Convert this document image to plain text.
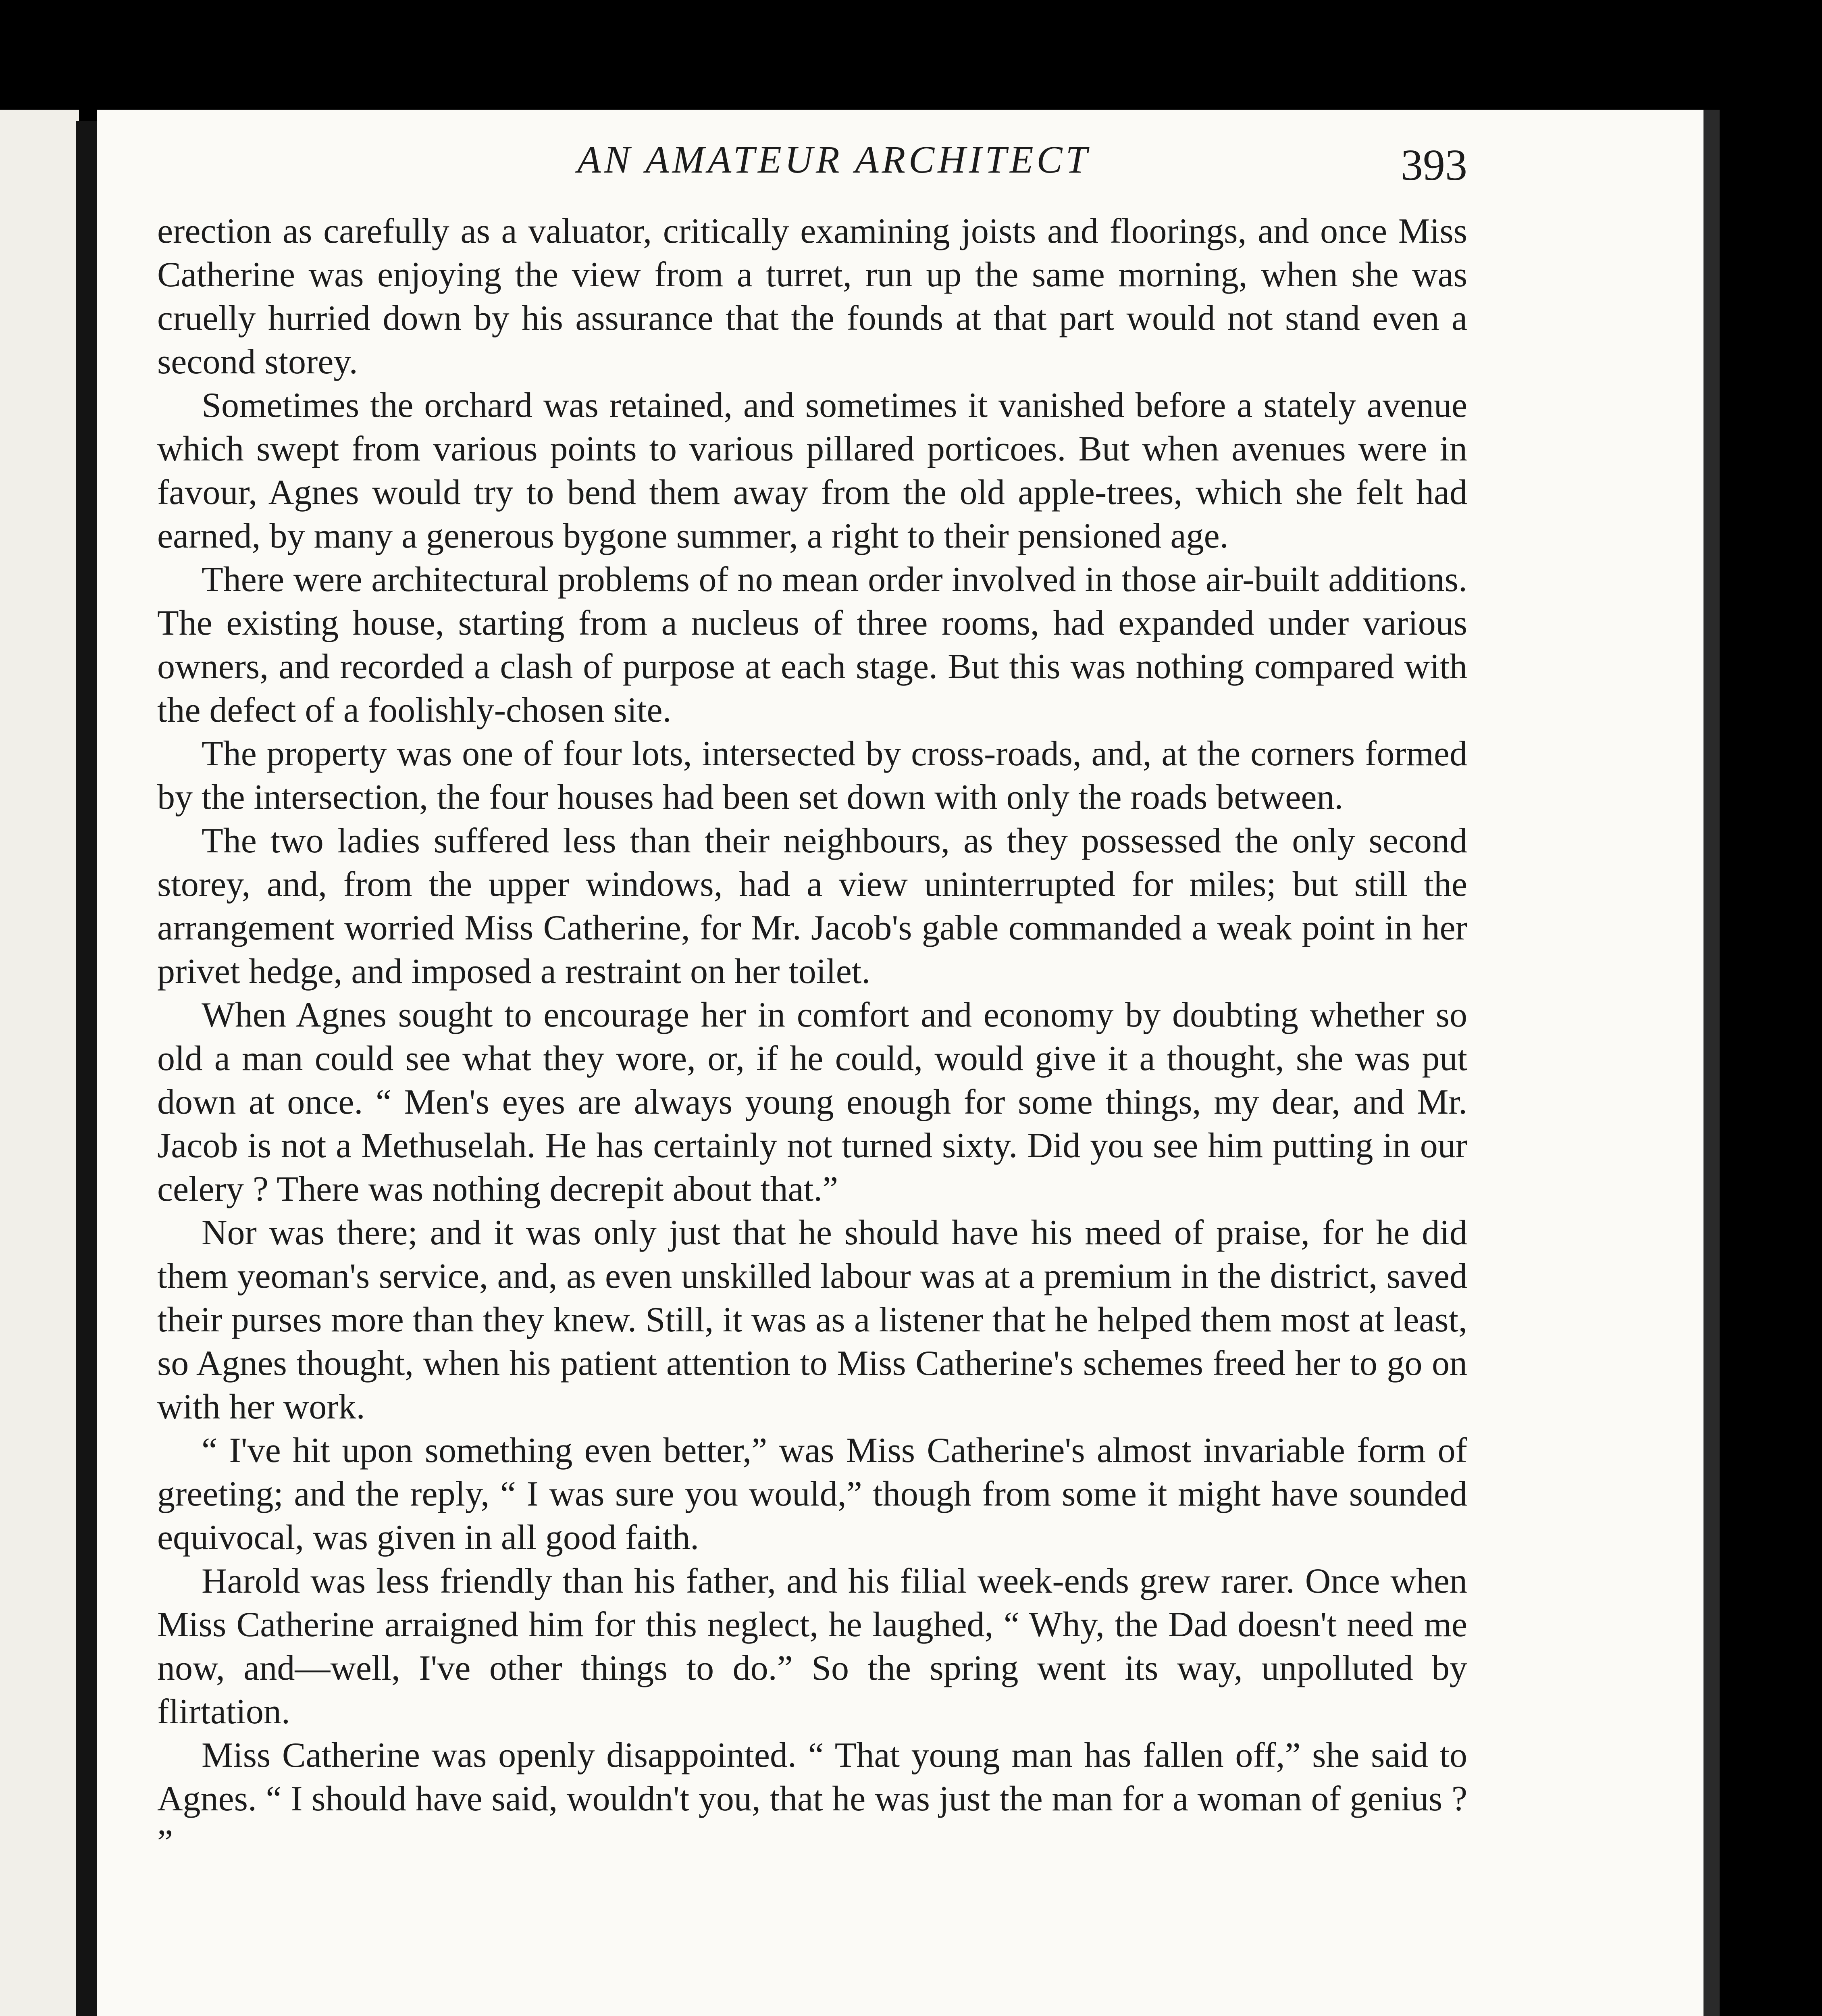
AN AMATEUR ARCHITECT	393

erection as carefully as a valuator, critically examining joists and floorings, and once Miss Catherine was enjoying the view from a turret, run up the same morning, when she was cruelly hurried down by his assurance that the founds at that part would not stand even a second storey.

Sometimes the orchard was retained, and sometimes it vanished before a stately avenue which swept from various points to various pillared porticoes. But when avenues were in favour, Agnes would try to bend them away from the old apple-trees, which she felt had earned, by many a generous bygone summer, a right to their pensioned age.

There were architectural problems of no mean order involved in those air-built additions. The existing house, starting from a nucleus of three rooms, had expanded under various owners, and recorded a clash of purpose at each stage. But this was nothing compared with the defect of a foolishly-chosen site.

The property was one of four lots, intersected by cross-roads, and, at the corners formed by the intersection, the four houses had been set down with only the roads between.

The two ladies suffered less than their neighbours, as they possessed the only second storey, and, from the upper windows, had a view uninterrupted for miles; but still the arrangement worried Miss Catherine, for Mr. Jacob's gable commanded a weak point in her privet hedge, and imposed a restraint on her toilet.

When Agnes sought to encourage her in comfort and economy by doubting whether so old a man could see what they wore, or, if he could, would give it a thought, she was put down at once. “ Men's eyes are always young enough for some things, my dear, and Mr. Jacob is not a Methuselah. He has certainly not turned sixty. Did you see him putting in our celery ? There was nothing decrepit about that.”

Nor was there; and it was only just that he should have his meed of praise, for he did them yeoman's service, and, as even unskilled labour was at a premium in the district, saved their purses more than they knew. Still, it was as a listener that he helped them most at least, so Agnes thought, when his patient attention to Miss Catherine's schemes freed her to go on with her work.

“ I've hit upon something even better,” was Miss Catherine's almost invariable form of greeting; and the reply, “ I was sure you would,” though from some it might have sounded equivocal, was given in all good faith.

Harold was less friendly than his father, and his filial week-ends grew rarer. Once when Miss Catherine arraigned him for this neglect, he laughed, “ Why, the Dad doesn't need me now, and—well, I've other things to do.” So the spring went its way, unpolluted by flirtation.

Miss Catherine was openly disappointed. “ That young man has fallen off,” she said to Agnes. “ I should have said, wouldn't you, that he was just the man for a woman of genius ? ”
